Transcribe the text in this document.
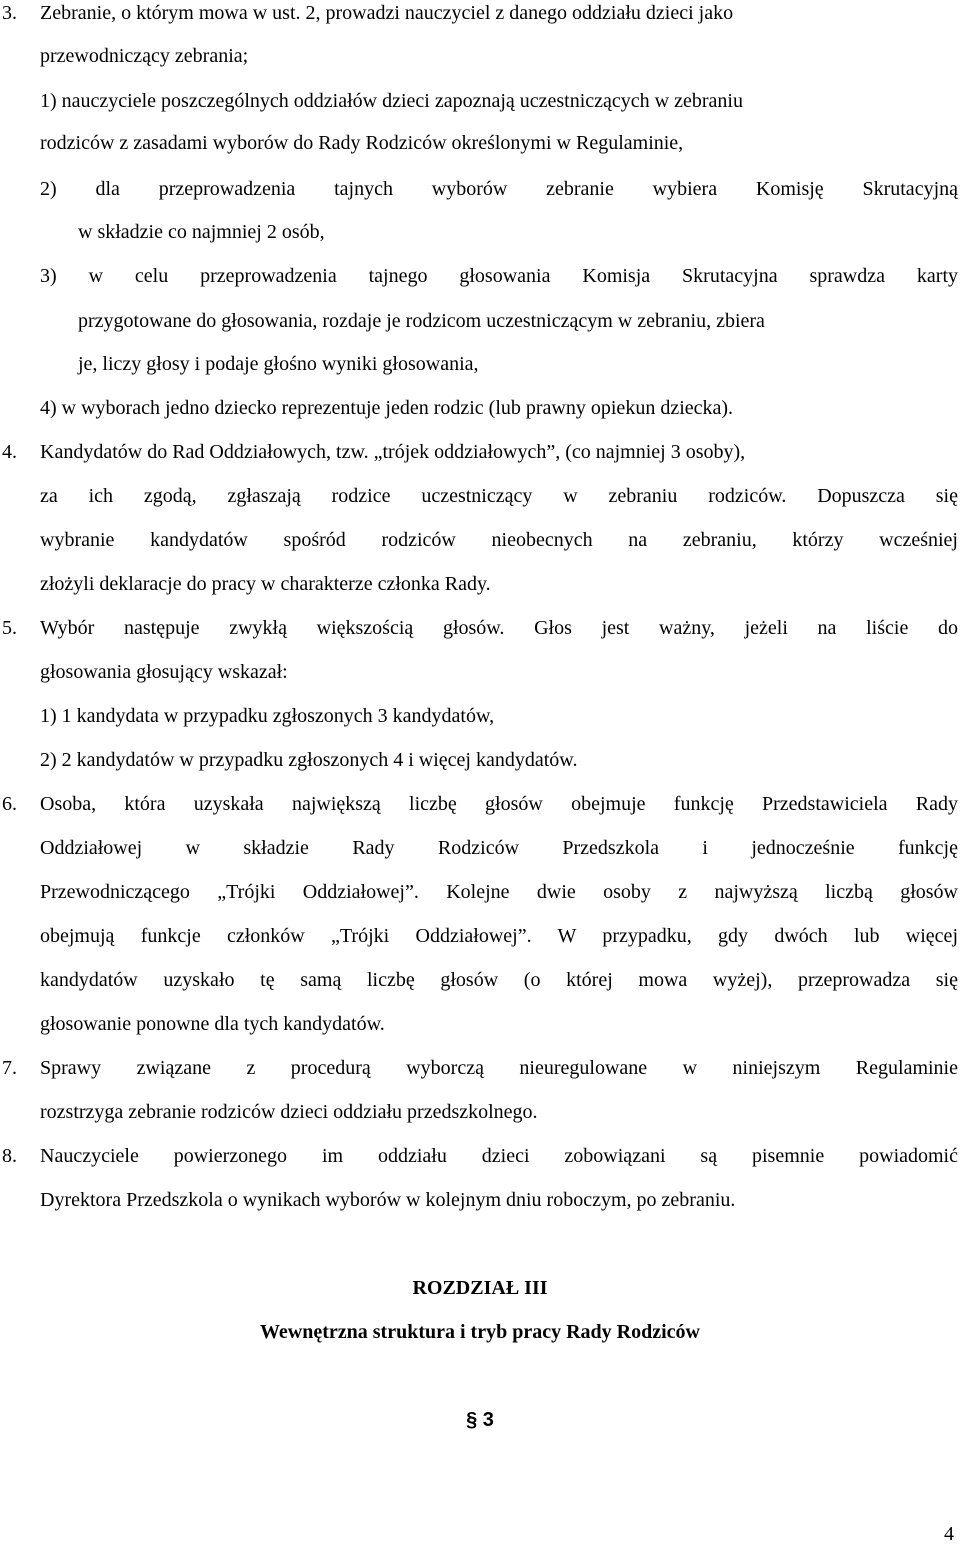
3. Zebranie, o którym mowa w ust. 2, prowadzi nauczyciel z danego oddziału dzieci jako
przewodniczący zebrania;
1) nauczyciele poszczególnych oddziałów dzieci zapoznają uczestniczących w zebraniu
rodziców z zasadami wyborów do Rady Rodziców określonymi w Regulaminie,
2) dla przeprowadzenia tajnych wyborów zebranie wybiera Komisję Skrutacyjną
w składzie co najmniej 2 osób,
3) w celu przeprowadzenia tajnego głosowania Komisja Skrutacyjna sprawdza karty
przygotowane do głosowania, rozdaje je rodzicom uczestniczącym w zebraniu, zbiera
je, liczy głosy i podaje głośno wyniki głosowania,
4) w wyborach jedno dziecko reprezentuje jeden rodzic (lub prawny opiekun dziecka).
4. Kandydatów do Rad Oddziałowych, tzw. „trójek oddziałowych”, (co najmniej 3 osoby),
za ich zgodą, zgłaszają rodzice uczestniczący w zebraniu rodziców. Dopuszcza się
wybranie kandydatów spośród rodziców nieobecnych na zebraniu, którzy wcześniej
złożyli deklaracje do pracy w charakterze członka Rady.
5. Wybór następuje zwykłą większością głosów. Głos jest ważny, jeżeli na liście do
głosowania głosujący wskazał:
1) 1 kandydata w przypadku zgłoszonych 3 kandydatów,
2) 2 kandydatów w przypadku zgłoszonych 4 i więcej kandydatów.
6. Osoba, która uzyskała największą liczbę głosów obejmuje funkcję Przedstawiciela Rady
Oddziałowej w składzie Rady Rodziców Przedszkola i jednocześnie funkcję
Przewodniczącego „Trójki Oddziałowej”. Kolejne dwie osoby z najwyższą liczbą głosów
obejmują funkcje członków „Trójki Oddziałowej”. W przypadku, gdy dwóch lub więcej
kandydatów uzyskało tę samą liczbę głosów (o której mowa wyżej), przeprowadza się
głosowanie ponowne dla tych kandydatów.
7. Sprawy związane z procedurą wyborczą nieuregulowane w niniejszym Regulaminie
rozstrzyga zebranie rodziców dzieci oddziału przedszkolnego.
8. Nauczyciele powierzonego im oddziału dzieci zobowiązani są pisemnie powiadomić
Dyrektora Przedszkola o wynikach wyborów w kolejnym dniu roboczym, po zebraniu.
ROZDZIAŁ III
Wewnętrzna struktura i tryb pracy Rady Rodziców
§ 3
4
